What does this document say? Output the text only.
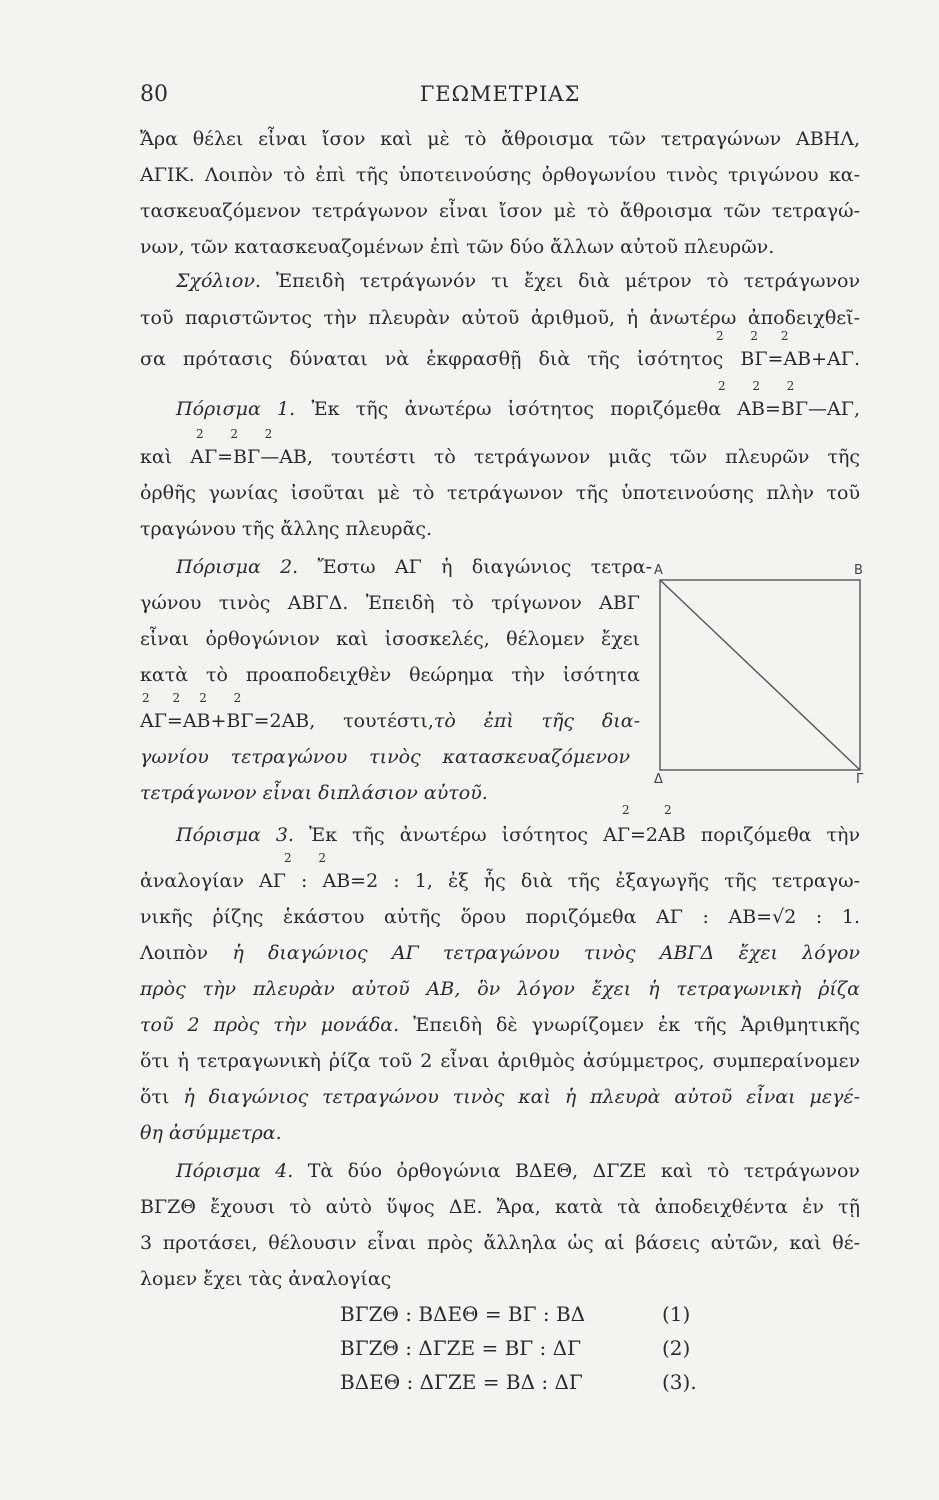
80	ΓΕΩΜΕΤΡΙΑΣ
Ἄρα θέλει εἶναι ἴσον καὶ μὲ τὸ ἄθροισμα τῶν τετραγώνων ΑΒΗΛ,
ΑΓΙΚ. Λοιπὸν τὸ ἐπὶ τῆς ὑποτεινούσης ὀρθογωνίου τινὸς τριγώνου κα-
τασκευαζόμενον τετράγωνον εἶναι ἴσον μὲ τὸ ἄθροισμα τῶν τετραγώ-
νων, τῶν κατασκευαζομένων ἐπὶ τῶν δύο ἄλλων αὐτοῦ πλευρῶν.
Σχόλιον. Ἐπειδὴ τετράγωνόν τι ἔχει διὰ μέτρον τὸ τετράγωνον
τοῦ παριστῶντος τὴν πλευρὰν αὐτοῦ ἀριθμοῦ, ἡ ἀνωτέρω ἀποδειχθεῖ-
2       2      2
σα πρότασις δύναται νὰ ἐκφρασθῇ διὰ τῆς ἰσότητος ΒΓ=ΑΒ+ΑΓ.
2       2       2
Πόρισμα 1. Ἐκ τῆς ἀνωτέρω ἰσότητος ποριζόμεθα ΑΒ=ΒΓ—ΑΓ,
2       2       2
καὶ ΑΓ=ΒΓ—ΑΒ, τουτέστι τὸ τετράγωνον μιᾶς τῶν πλευρῶν τῆς
ὀρθῆς γωνίας ἰσοῦται μὲ τὸ τετράγωνον τῆς ὑποτεινούσης πλὴν τοῦ
τραγώνου τῆς ἄλλης πλευρᾶς.
Πόρισμα 2. Ἔστω ΑΓ ἡ διαγώνιος τετρα-
γώνου τινὸς ΑΒΓΔ. Ἐπειδὴ τὸ τρίγωνον ΑΒΓ
εἶναι ὀρθογώνιον καὶ ἰσοσκελές, θέλομεν ἔχει
κατὰ τὸ προαποδειχθὲν θεώρημα τὴν ἰσότητα
2      2     2       2
ΑΓ=ΑΒ+ΒΓ=2ΑΒ, τουτέστι,τὸ ἐπὶ τῆς δια-
γωνίου τετραγώνου τινὸς κατασκευαζόμενον
τετράγωνον εἶναι διπλάσιον αὐτοῦ.
Α	Β
Δ	Γ
2         2
Πόρισμα 3. Ἐκ τῆς ἀνωτέρω ἰσότητος ΑΓ=2ΑΒ ποριζόμεθα τὴν
2       2
ἀναλογίαν ΑΓ : ΑΒ=2 : 1, ἐξ ἧς διὰ τῆς ἐξαγωγῆς τῆς τετραγω-
νικῆς ῥίζης ἑκάστου αὐτῆς ὅρου ποριζόμεθα ΑΓ : ΑΒ=√2 : 1.
Λοιπὸν ἡ διαγώνιος ΑΓ τετραγώνου τινὸς ΑΒΓΔ ἔχει λόγον
πρὸς τὴν πλευρὰν αὐτοῦ ΑΒ, ὃν λόγον ἔχει ἡ τετραγωνικὴ ῥίζα
τοῦ 2 πρὸς τὴν μονάδα. Ἐπειδὴ δὲ γνωρίζομεν ἐκ τῆς Ἀριθμητικῆς
ὅτι ἡ τετραγωνικὴ ῥίζα τοῦ 2 εἶναι ἀριθμὸς ἀσύμμετρος, συμπεραίνομεν
ὅτι ἡ διαγώνιος τετραγώνου τινὸς καὶ ἡ πλευρὰ αὐτοῦ εἶναι μεγέ-
θη ἀσύμμετρα.
Πόρισμα 4. Τὰ δύο ὀρθογώνια ΒΔΕΘ, ΔΓΖΕ καὶ τὸ τετράγωνον
ΒΓΖΘ ἔχουσι τὸ αὐτὸ ὕψος ΔΕ. Ἄρα, κατὰ τὰ ἀποδειχθέντα ἐν τῇ
3 προτάσει, θέλουσιν εἶναι πρὸς ἄλληλα ὡς αἱ βάσεις αὐτῶν, καὶ θέ-
λομεν ἔχει τὰς ἀναλογίας
ΒΓΖΘ : ΒΔΕΘ = ΒΓ : ΒΔ	(1)
ΒΓΖΘ : ΔΓΖΕ = ΒΓ : ΔΓ	(2)
ΒΔΕΘ : ΔΓΖΕ = ΒΔ : ΔΓ	(3).
